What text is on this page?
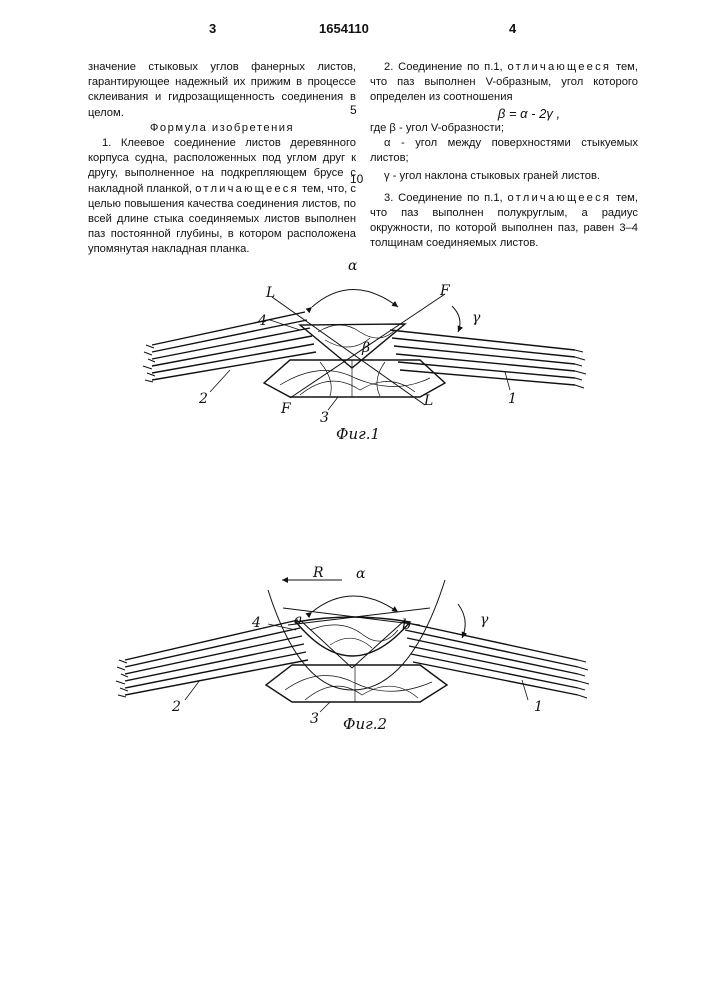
3	1654110	4
5
10

значение стыковых углов фанерных листов, гарантирующее надежный их прижим в процессе склеивания и гидрозащищенность соединения в целом.

Формула изобретения

1. Клеевое соединение листов деревянного корпуса судна, расположенных под углом друг к другу, выполненное на подкрепляющем брусе с накладной планкой, отличающееся тем, что, с целью повышения качества соединения листов, по всей длине стыка соединяемых листов выполнен паз постоянной глубины, в котором расположена упомянутая накладная планка.

2. Соединение по п.1, отличающееся тем, что паз выполнен V-образным, угол которого определен из соотношения

β = α - 2γ ,

где β - угол V-образности;

α - угол между поверхностями стыкуемых листов;

γ - угол наклона стыковых граней листов.

3. Соединение по п.1, отличающееся тем, что паз выполнен полукруглым, а радиус окружности, по которой выполнен паз, равен 3–4 толщинам соединяемых листов.

α
L	F
γ
4
β
2	1
F	L
3
Фиг.1
R α
γ
4 a	b
2	1
3 Фиг.2
